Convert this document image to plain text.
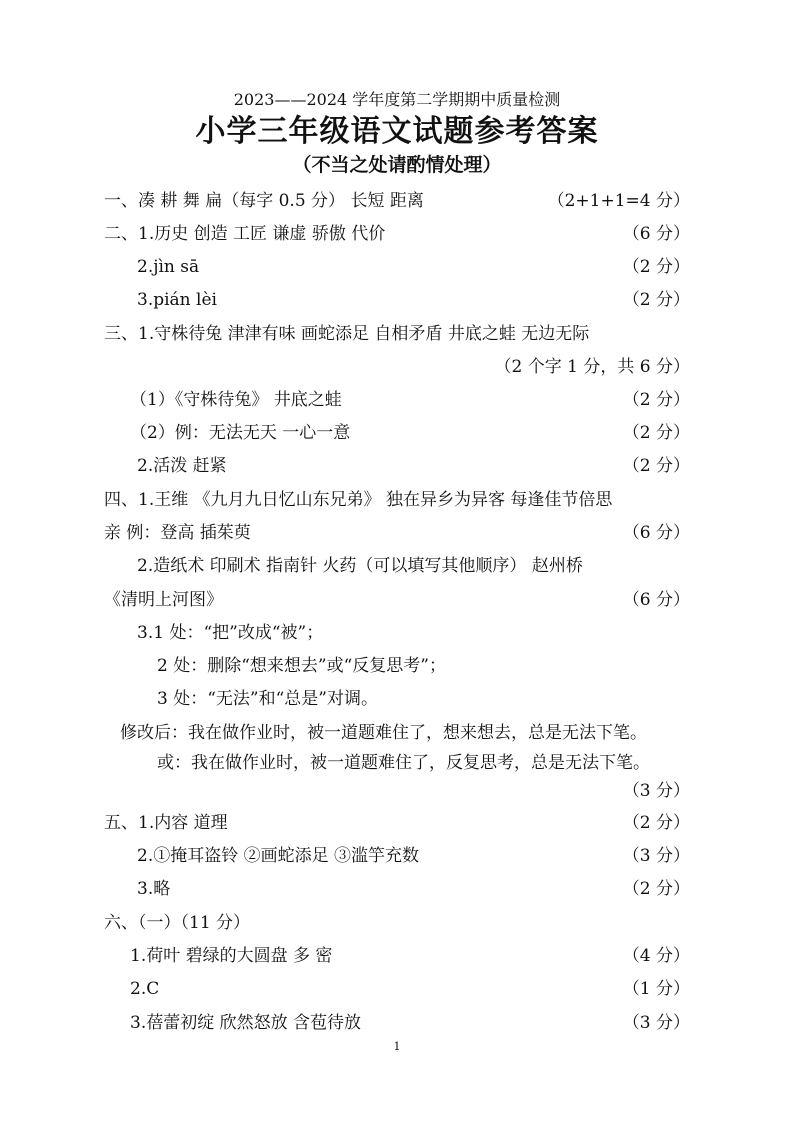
2023——2024 学年度第二学期期中质量检测
小学三年级语文试题参考答案
（不当之处请酌情处理）
一、凑 耕 舞 扁（每字 0.5 分） 长短 距离	（2+1+1=4 分）
二、1.历史 创造 工匠 谦虚 骄傲 代价	（6 分）
2.jìn sā	（2 分）
3.pián lèi	（2 分）
三、1.守株待兔 津津有味 画蛇添足 自相矛盾 井底之蛙 无边无际
（2 个字 1 分，共 6 分）
（1）《守株待兔》 井底之蛙	（2 分）
（2）例：无法无天 一心一意	（2 分）
2.活泼 赶紧	（2 分）
四、1.王维 《九月九日忆山东兄弟》 独在异乡为异客 每逢佳节倍思
亲 例：登高 插茱萸	（6 分）
2.造纸术 印刷术 指南针 火药（可以填写其他顺序） 赵州桥
《清明上河图》	（6 分）
3.1 处：“把”改成“被”；
2 处：删除“想来想去”或“反复思考”；
3 处：“无法”和“总是”对调。
修改后：我在做作业时，被一道题难住了，想来想去，总是无法下笔。
或：我在做作业时，被一道题难住了，反复思考，总是无法下笔。
（3 分）
五、1.内容 道理	（2 分）
2.①掩耳盗铃 ②画蛇添足 ③滥竽充数	（3 分）
3.略	（2 分）
六、（一）（11 分）
1.荷叶 碧绿的大圆盘 多 密	（4 分）
2.C	（1 分）
3.蓓蕾初绽 欣然怒放 含苞待放	（3 分）
1
